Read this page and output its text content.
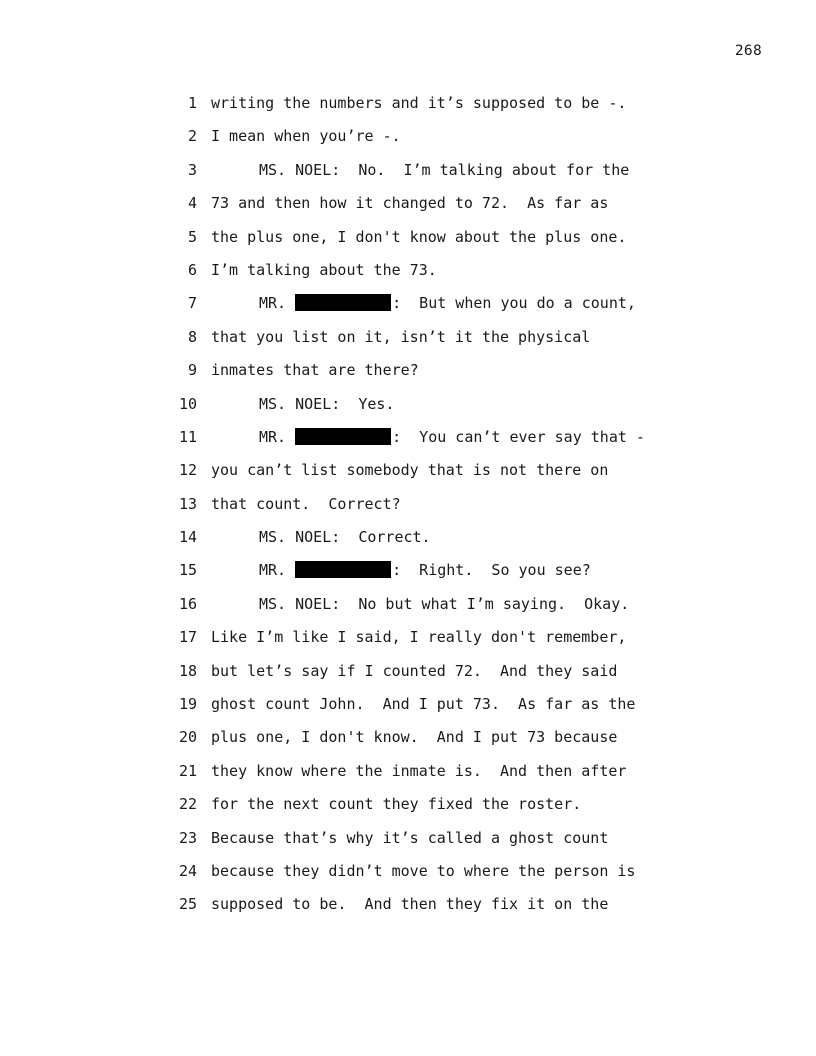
268
1 writing the numbers and it’s supposed to be -.
2 I mean when you’re -.
3	MS. NOEL:  No.  I’m talking about for the
4 73 and then how it changed to 72.  As far as
5 the plus one, I don't know about the plus one.
6 I’m talking about the 73.
7	MR.	:  But when you do a count,
8 that you list on it, isn’t it the physical
9 inmates that are there?
10	MS. NOEL:  Yes.
11	MR.	:  You can’t ever say that -
12 you can’t list somebody that is not there on
13 that count.  Correct?
14	MS. NOEL:  Correct.
15	MR.	:  Right.  So you see?
16	MS. NOEL:  No but what I’m saying.  Okay.
17 Like I’m like I said, I really don't remember,
18 but let’s say if I counted 72.  And they said
19 ghost count John.  And I put 73.  As far as the
20 plus one, I don't know.  And I put 73 because
21 they know where the inmate is.  And then after
22 for the next count they fixed the roster.
23 Because that’s why it’s called a ghost count
24 because they didn’t move to where the person is
25 supposed to be.  And then they fix it on the
